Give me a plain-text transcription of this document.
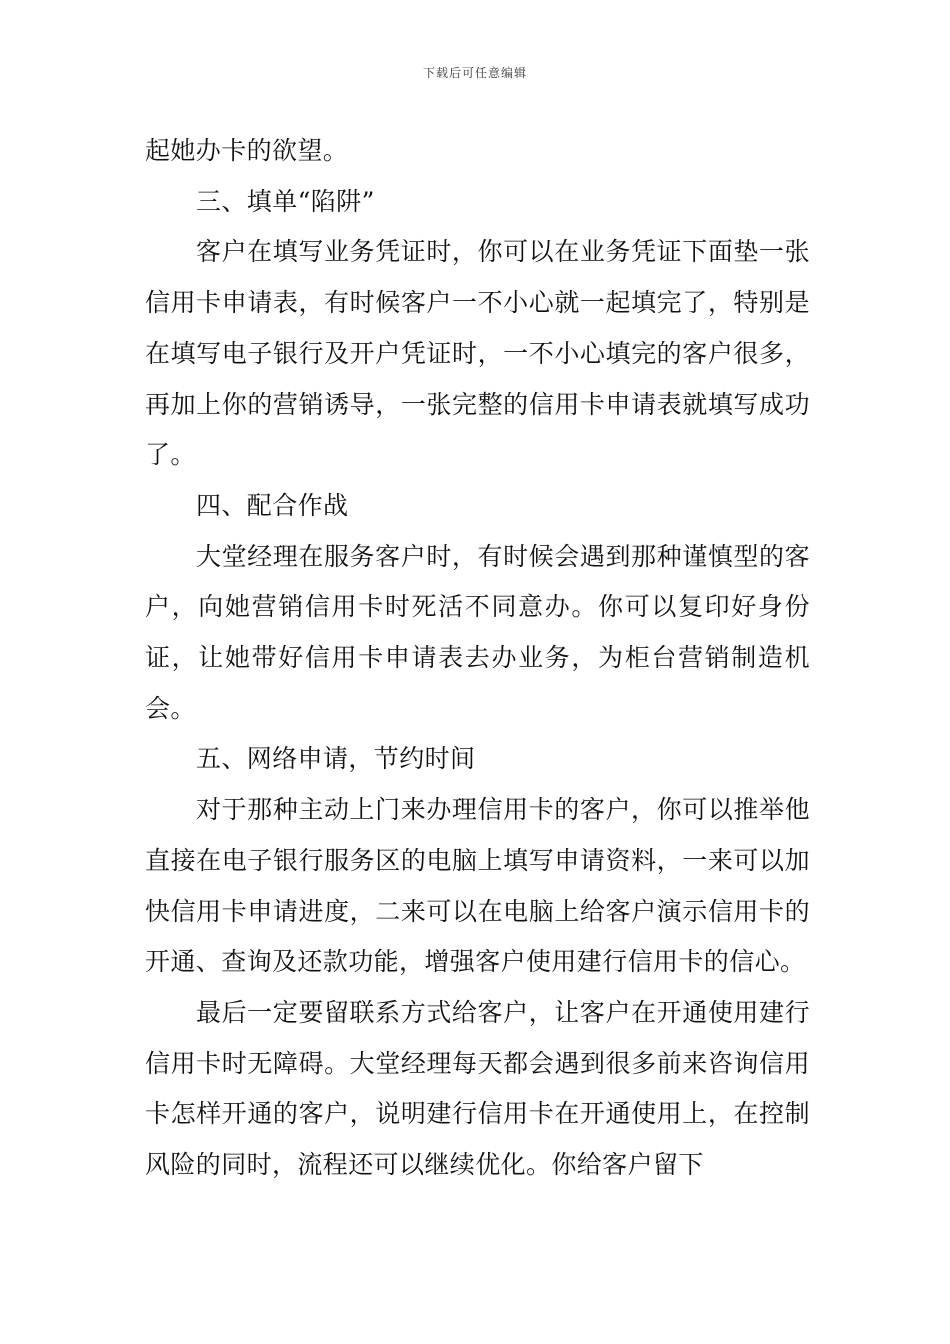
下载后可任意编辑

起她办卡的欲望。

三、填单“陷阱”

客户在填写业务凭证时，你可以在业务凭证下面垫一张信用卡申请表，有时候客户一不小心就一起填完了，特别是在填写电子银行及开户凭证时，一不小心填完的客户很多，再加上你的营销诱导，一张完整的信用卡申请表就填写成功了。

四、配合作战

大堂经理在服务客户时，有时候会遇到那种谨慎型的客户，向她营销信用卡时死活不同意办。你可以复印好身份证，让她带好信用卡申请表去办业务，为柜台营销制造机会。

五、网络申请，节约时间

对于那种主动上门来办理信用卡的客户，你可以推举他直接在电子银行服务区的电脑上填写申请资料，一来可以加快信用卡申请进度，二来可以在电脑上给客户演示信用卡的开通、查询及还款功能，增强客户使用建行信用卡的信心。

最后一定要留联系方式给客户，让客户在开通使用建行信用卡时无障碍。大堂经理每天都会遇到很多前来咨询信用卡怎样开通的客户，说明建行信用卡在开通使用上，在控制风险的同时，流程还可以继续优化。你给客户留下
